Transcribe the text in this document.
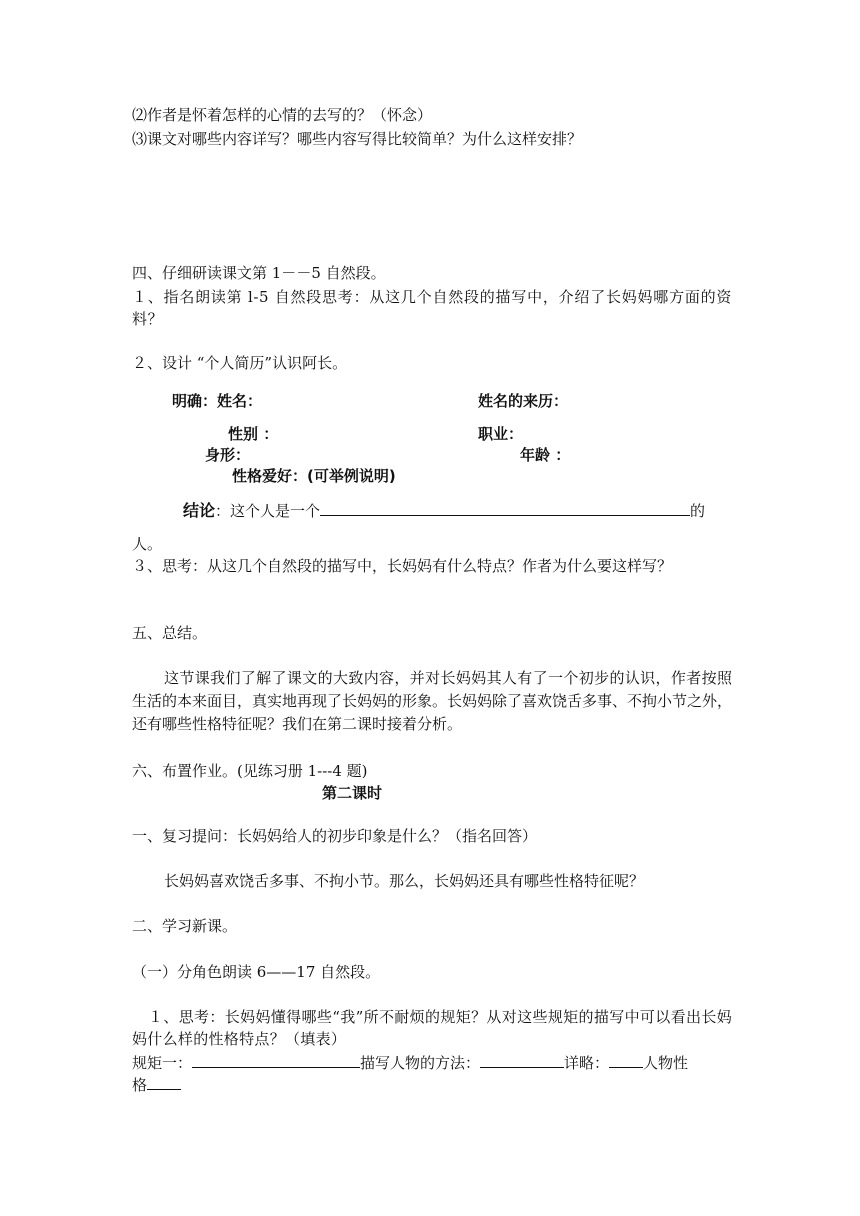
⑵作者是怀着怎样的心情的去写的？（怀念）
⑶课文对哪些内容详写？哪些内容写得比较简单？为什么这样安排？
四、仔细研读课文第 1－－5 自然段。
１、指名朗读第 l-5 自然段思考：从这几个自然段的描写中，介绍了长妈妈哪方面的资料？
２、设计 “个人简历”认识阿长。
明确：姓名：	姓名的来历：
性别 ：	职业：
身形：	年龄 ：
性格爱好：(可举例说明)
结论：这个人是一个	的
人。
３、思考：从这几个自然段的描写中，长妈妈有什么特点？作者为什么要这样写？
五、总结。
这节课我们了解了课文的大致内容，并对长妈妈其人有了一个初步的认识，作者按照生活的本来面目，真实地再现了长妈妈的形象。长妈妈除了喜欢饶舌多事、不拘小节之外，还有哪些性格特征呢？我们在第二课时接着分析。
六、布置作业。(见练习册 1---4 题)
第二课时
一、复习提问：长妈妈给人的初步印象是什么？（指名回答）
长妈妈喜欢饶舌多事、不拘小节。那么，长妈妈还具有哪些性格特征呢？
二、学习新课。
（一）分角色朗读 6——17 自然段。
１、思考：长妈妈懂得哪些“我”所不耐烦的规矩？从对这些规矩的描写中可以看出长妈妈什么样的性格特点？（填表）
规矩一：	描写人物的方法：	详略： 人物性
格
